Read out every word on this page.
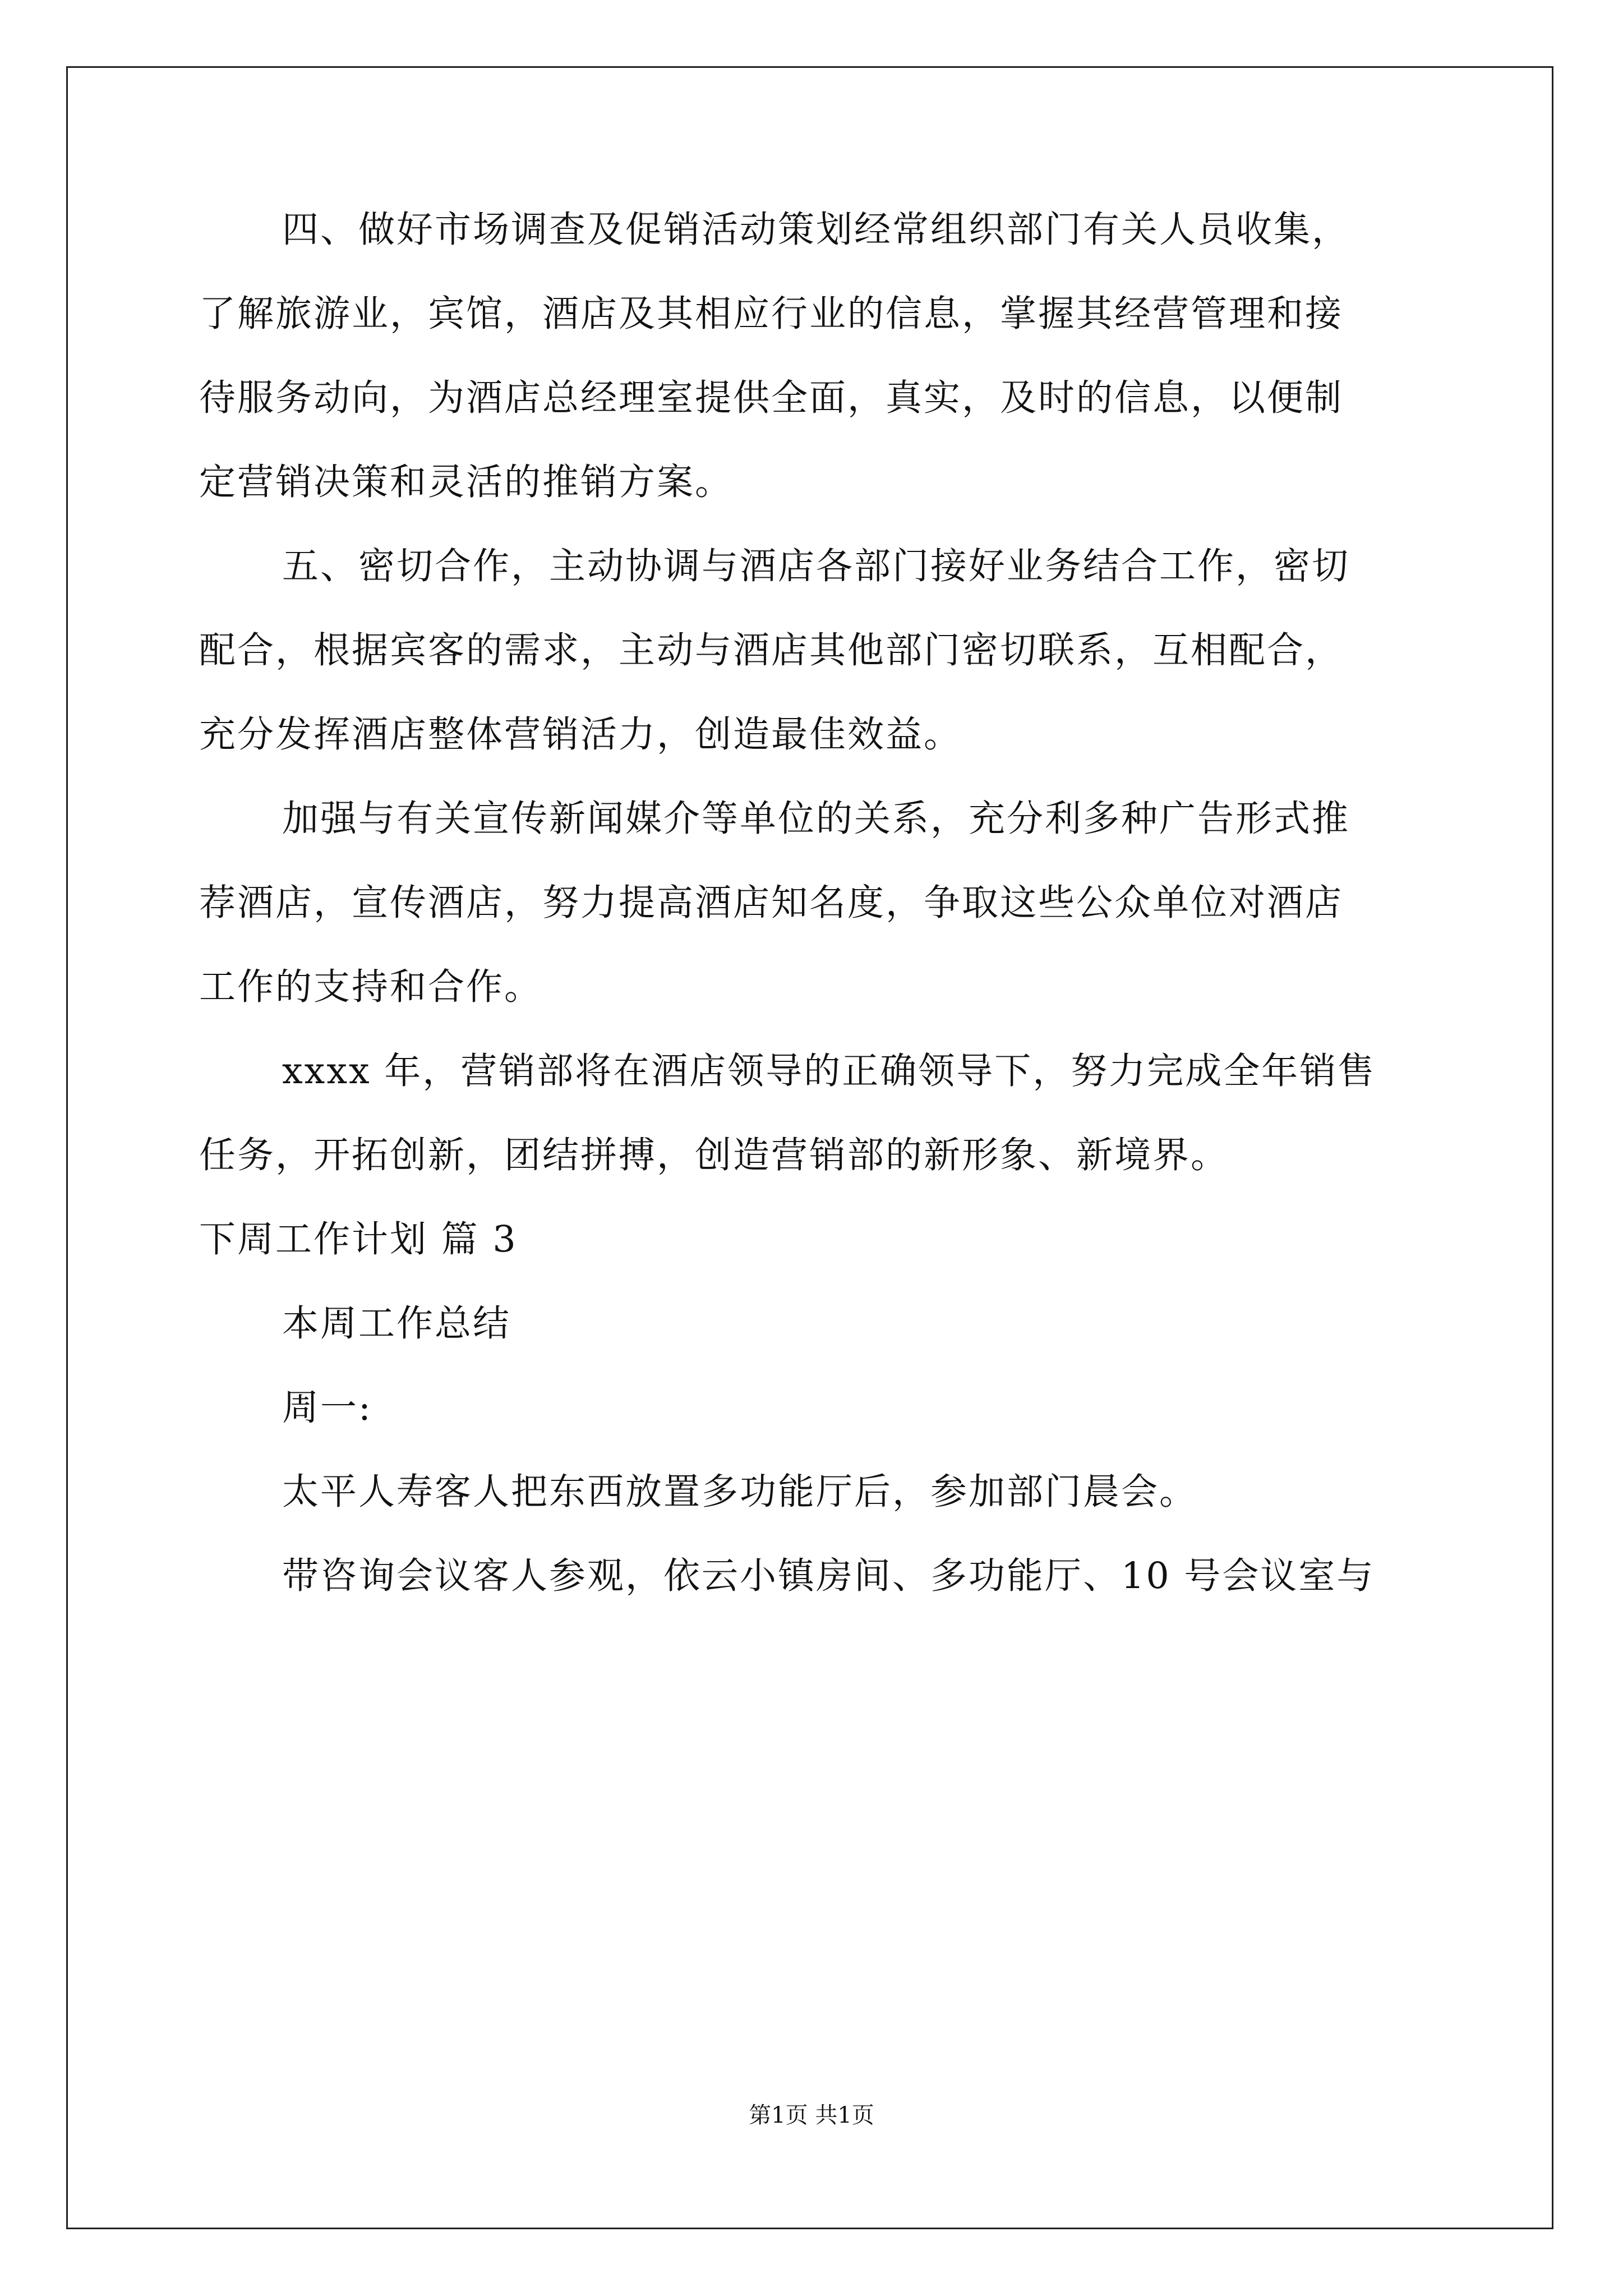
四、做好市场调查及促销活动策划经常组织部门有关人员收集，
了解旅游业，宾馆，酒店及其相应行业的信息，掌握其经营管理和接
待服务动向，为酒店总经理室提供全面，真实，及时的信息，以便制
定营销决策和灵活的推销方案。
五、密切合作，主动协调与酒店各部门接好业务结合工作，密切
配合，根据宾客的需求，主动与酒店其他部门密切联系，互相配合，
充分发挥酒店整体营销活力，创造最佳效益。
加强与有关宣传新闻媒介等单位的关系，充分利多种广告形式推
荐酒店，宣传酒店，努力提高酒店知名度，争取这些公众单位对酒店
工作的支持和合作。
xxxx 年，营销部将在酒店领导的正确领导下，努力完成全年销售
任务，开拓创新，团结拼搏，创造营销部的新形象、新境界。
下周工作计划 篇 3
本周工作总结
周一:
太平人寿客人把东西放置多功能厅后，参加部门晨会。
带咨询会议客人参观，依云小镇房间、多功能厅、10 号会议室与
第1页 共1页
